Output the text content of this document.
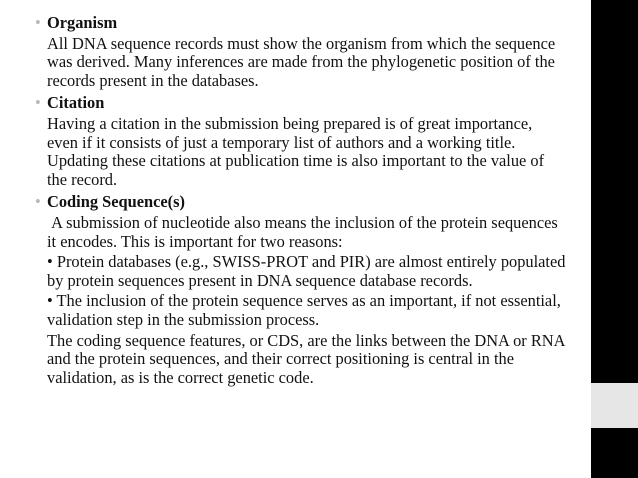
• Organism
All DNA sequence records must show the organism from which the sequence was derived. Many inferences are made from the phylogenetic position of the records present in the databases.
• Citation
Having a citation in the submission being prepared is of great importance, even if it consists of just a temporary list of authors and a working title. Updating these citations at publication time is also important to the value of the record.
• Coding Sequence(s)
A submission of nucleotide also means the inclusion of the protein sequences it encodes. This is important for two reasons:
• Protein databases (e.g., SWISS-PROT and PIR) are almost entirely populated by protein sequences present in DNA sequence database records.
• The inclusion of the protein sequence serves as an important, if not essential, validation step in the submission process.
The coding sequence features, or CDS, are the links between the DNA or RNA and the protein sequences, and their correct positioning is central in the validation, as is the correct genetic code.
